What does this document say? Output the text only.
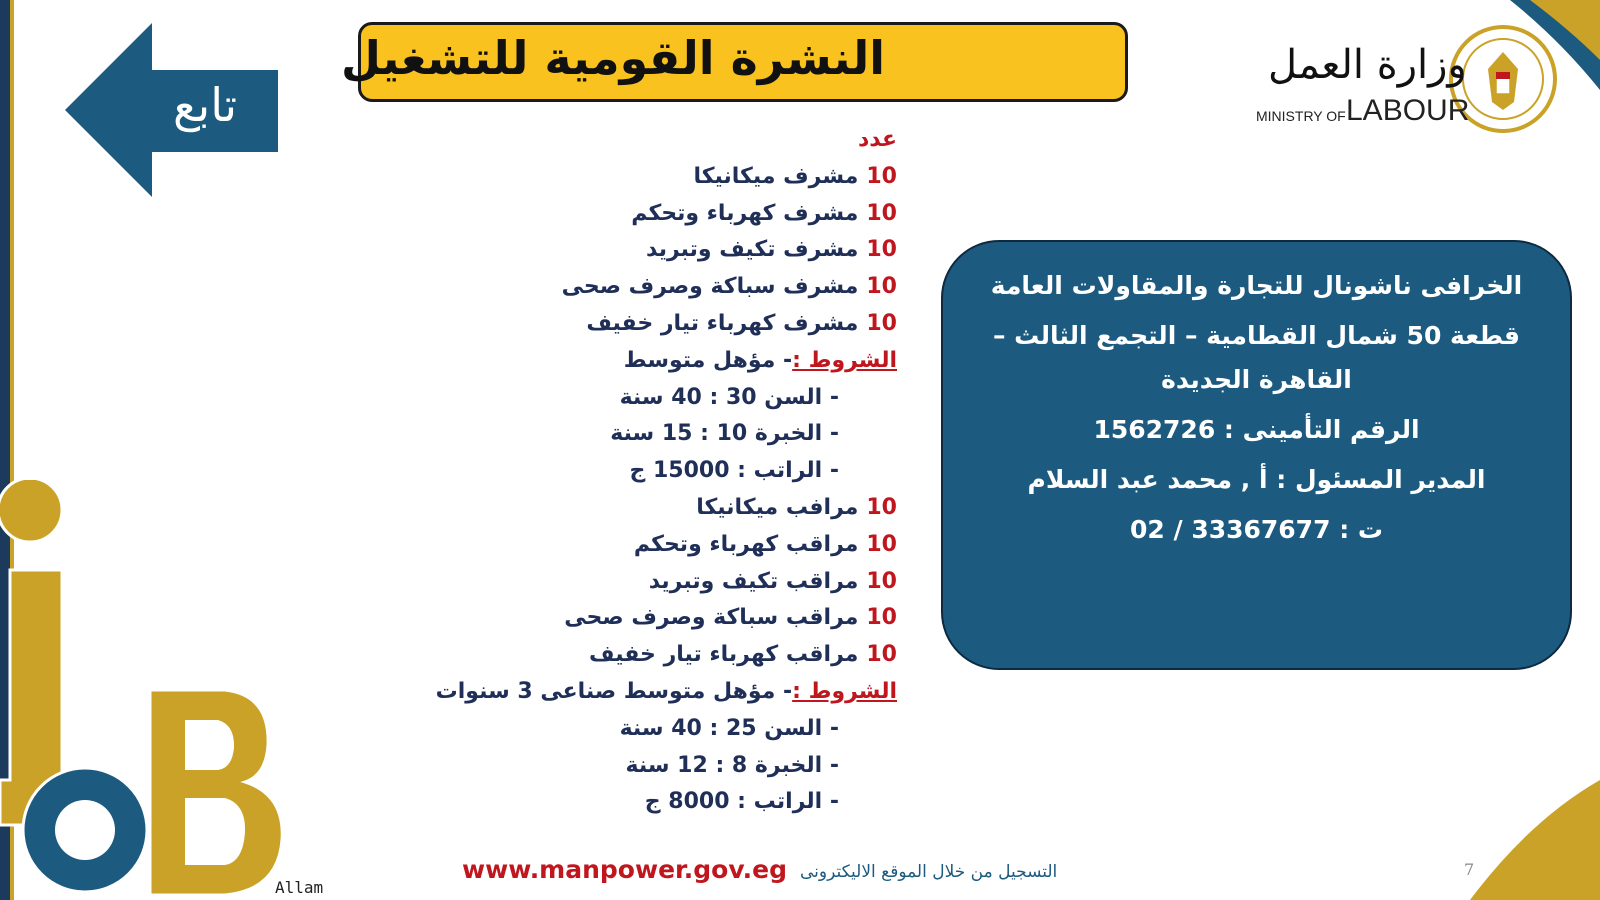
النشرة القومية للتشغيل
تابع
وزارة العمل
MINISTRY OF LABOUR
عدد
10مشرف ميكانيكا
10مشرف كهرباء وتحكم
10مشرف تكيف وتبريد
10مشرف سباكة وصرف صحى
10مشرف كهرباء تيار خفيف
الشروط :- مؤهل متوسط
- السن 30 : 40 سنة
- الخبرة 10 : 15 سنة
- الراتب : 15000 ج
10مرافب ميكانيكا
10مراقب كهرباء وتحكم
10مراقب تكيف وتبريد
10مراقب سباكة وصرف صحى
10مراقب كهرباء تيار خفيف
الشروط :- مؤهل متوسط صناعى 3 سنوات
- السن 25 : 40 سنة
- الخبرة 8 : 12 سنة
- الراتب : 8000 ج
الخرافى ناشونال للتجارة والمقاولات العامة
قطعة 50 شمال القطامية – التجمع الثالث –
القاهرة الجديدة
الرقم التأمينى : 1562726
المدير المسئول : أ , محمد عبد السلام
ت : 33367677 / 02
www.manpower.gov.eg التسجيل من خلال الموقع الاليكترونى	7
Allam
